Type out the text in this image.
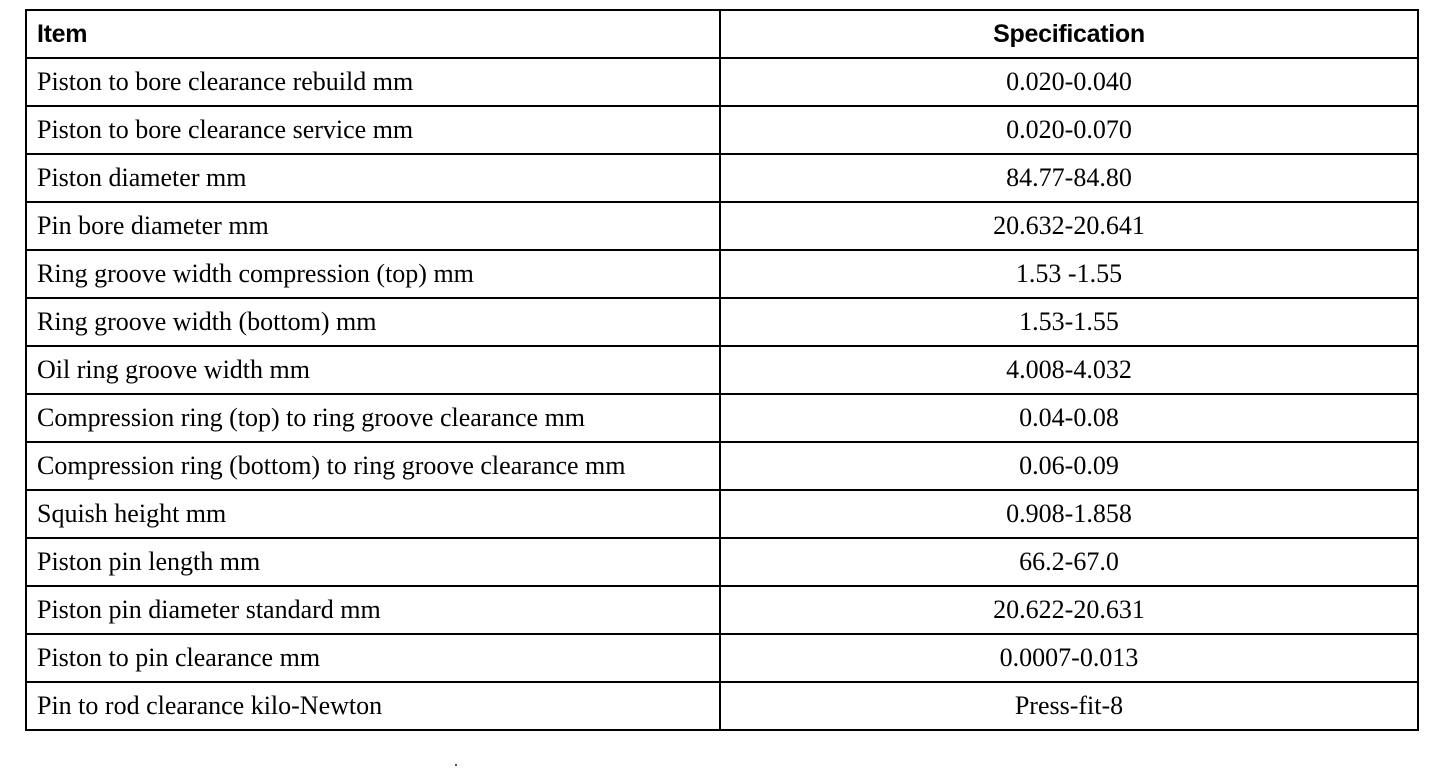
Item	Specification
Piston to bore clearance rebuild mm	0.020-0.040
Piston to bore clearance service mm	0.020-0.070
Piston diameter mm	84.77-84.80
Pin bore diameter mm	20.632-20.641
Ring groove width compression (top) mm	1.53 -1.55
Ring groove width (bottom) mm	1.53-1.55
Oil ring groove width mm	4.008-4.032
Compression ring (top) to ring groove clearance mm	0.04-0.08
Compression ring (bottom) to ring groove clearance mm	0.06-0.09
Squish height mm	0.908-1.858
Piston pin length mm	66.2-67.0
Piston pin diameter standard mm	20.622-20.631
Piston to pin clearance mm	0.0007-0.013
Pin to rod clearance kilo-Newton	Press-fit-8
